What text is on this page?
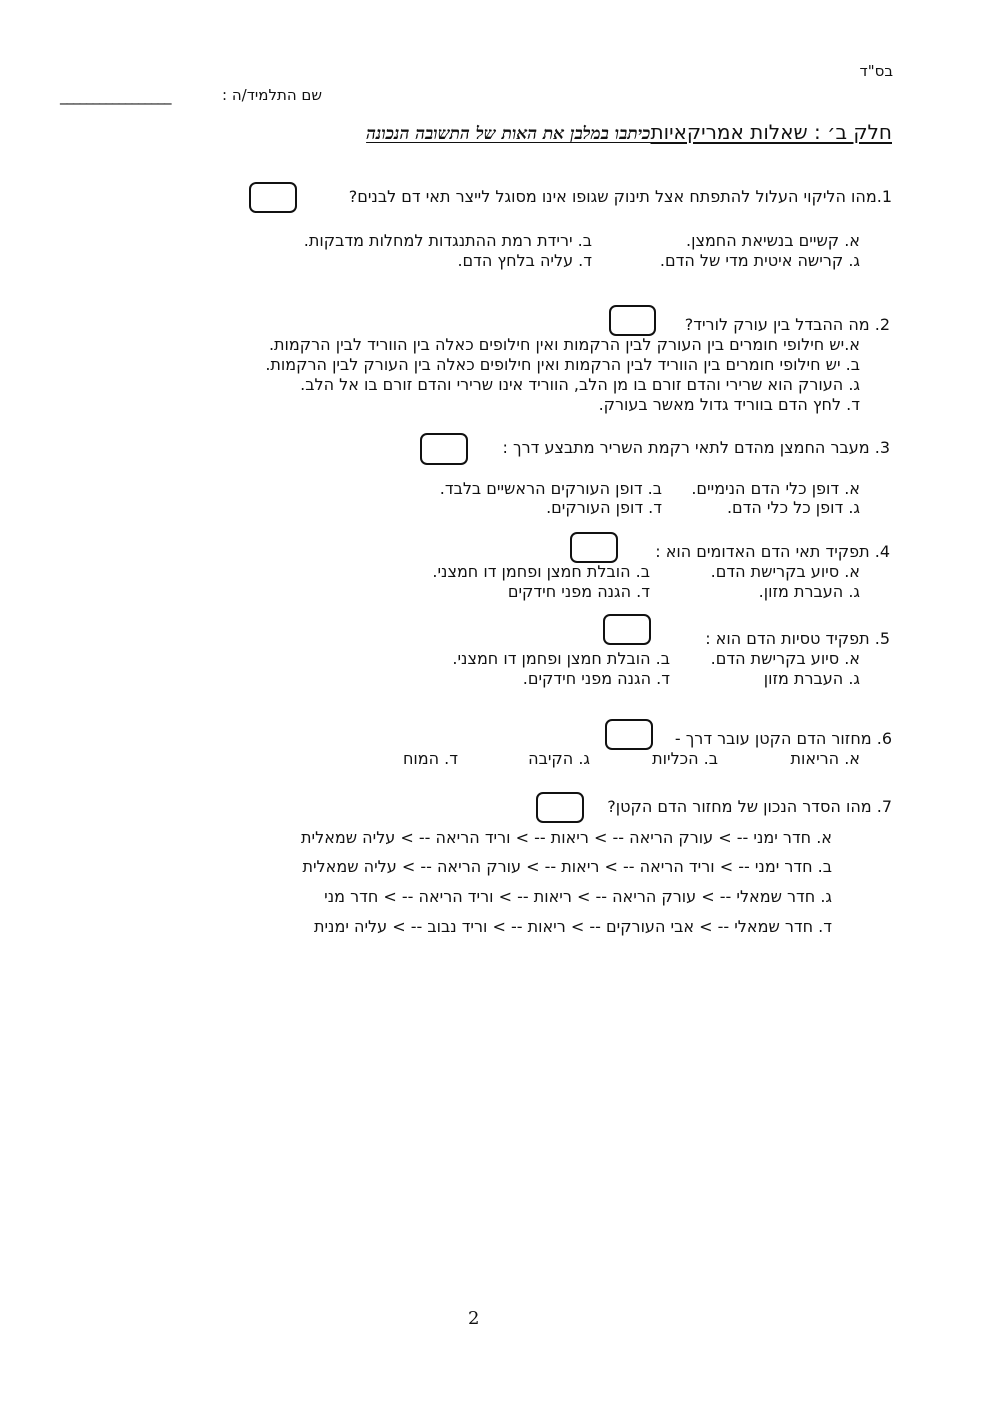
בס"ד
שם התלמיד/ה :
_________________
חלק ב׳ : שאלות אמריקאיותכיתבו במלבן את האות של התשובה הנכונה
1.מהו הליקוי העלול להתפתח אצל תינוק שגופו אינו מסוגל לייצר תאי דם לבנים?
א. קשיים בנשיאת החמצן.
ב. ירידת רמת ההתנגדות למחלות מדבקות.
ג. קרישה איטית מדי של הדם.
ד. עליה בלחץ הדם.
2. מה ההבדל בין עורק לוריד?
א.יש חילופי חומרים בין העורק לבין הרקמות ואין חילופים כאלה בין הווריד לבין הרקמות.
ב. יש חילופי חומרים בין הווריד לבין הרקמות ואין חילופים כאלה בין העורק לבין הרקמות.
ג. העורק הוא שרירי והדם זורם בו מן הלב, הווריד אינו שרירי והדם זורם בו אל הלב.
ד. לחץ הדם בווריד גדול מאשר בעורק.
3. מעבר החמצן מהדם לתאי רקמת השריר מתבצע דרך :
א. דופן כלי הדם הנימיים.
ב. דופן העורקים הראשיים בלבד.
ג. דופן כל כלי הדם.
ד. דופן העורקים.
4. תפקיד תאי הדם האדומים הוא :
א. סיוע בקרישת הדם.
ב. הובלת חמצן ופחמן דו חמצני.
ג. העברת מזון.
ד. הגנה מפני חידקים
5. תפקיד טסיות הדם הוא :
א. סיוע בקרישת הדם.
ב. הובלת חמצן ופחמן דו חמצני.
ג. העברת מזון
ד. הגנה מפני חידקים.
6. מחזור הדם הקטן עובר דרך -
א. הריאות
ב. הכליות
ג. הקיבה
ד. המוח
7. מהו הסדר הנכון של מחזור הדם הקטן?
א. חדר ימני -- > עורק הריאה -- > ריאות -- > וריד הריאה -- > עליה שמאלית
ב. חדר ימני -- > וריד הריאה -- > ריאות -- > עורק הריאה -- > עליה שמאלית
ג. חדר שמאלי -- > עורק הריאה -- > ריאות -- > וריד הריאה -- > חדר מני
ד. חדר שמאלי -- > אבי העורקים -- > ריאות -- > וריד נבוב -- > עליה ימנית
2
